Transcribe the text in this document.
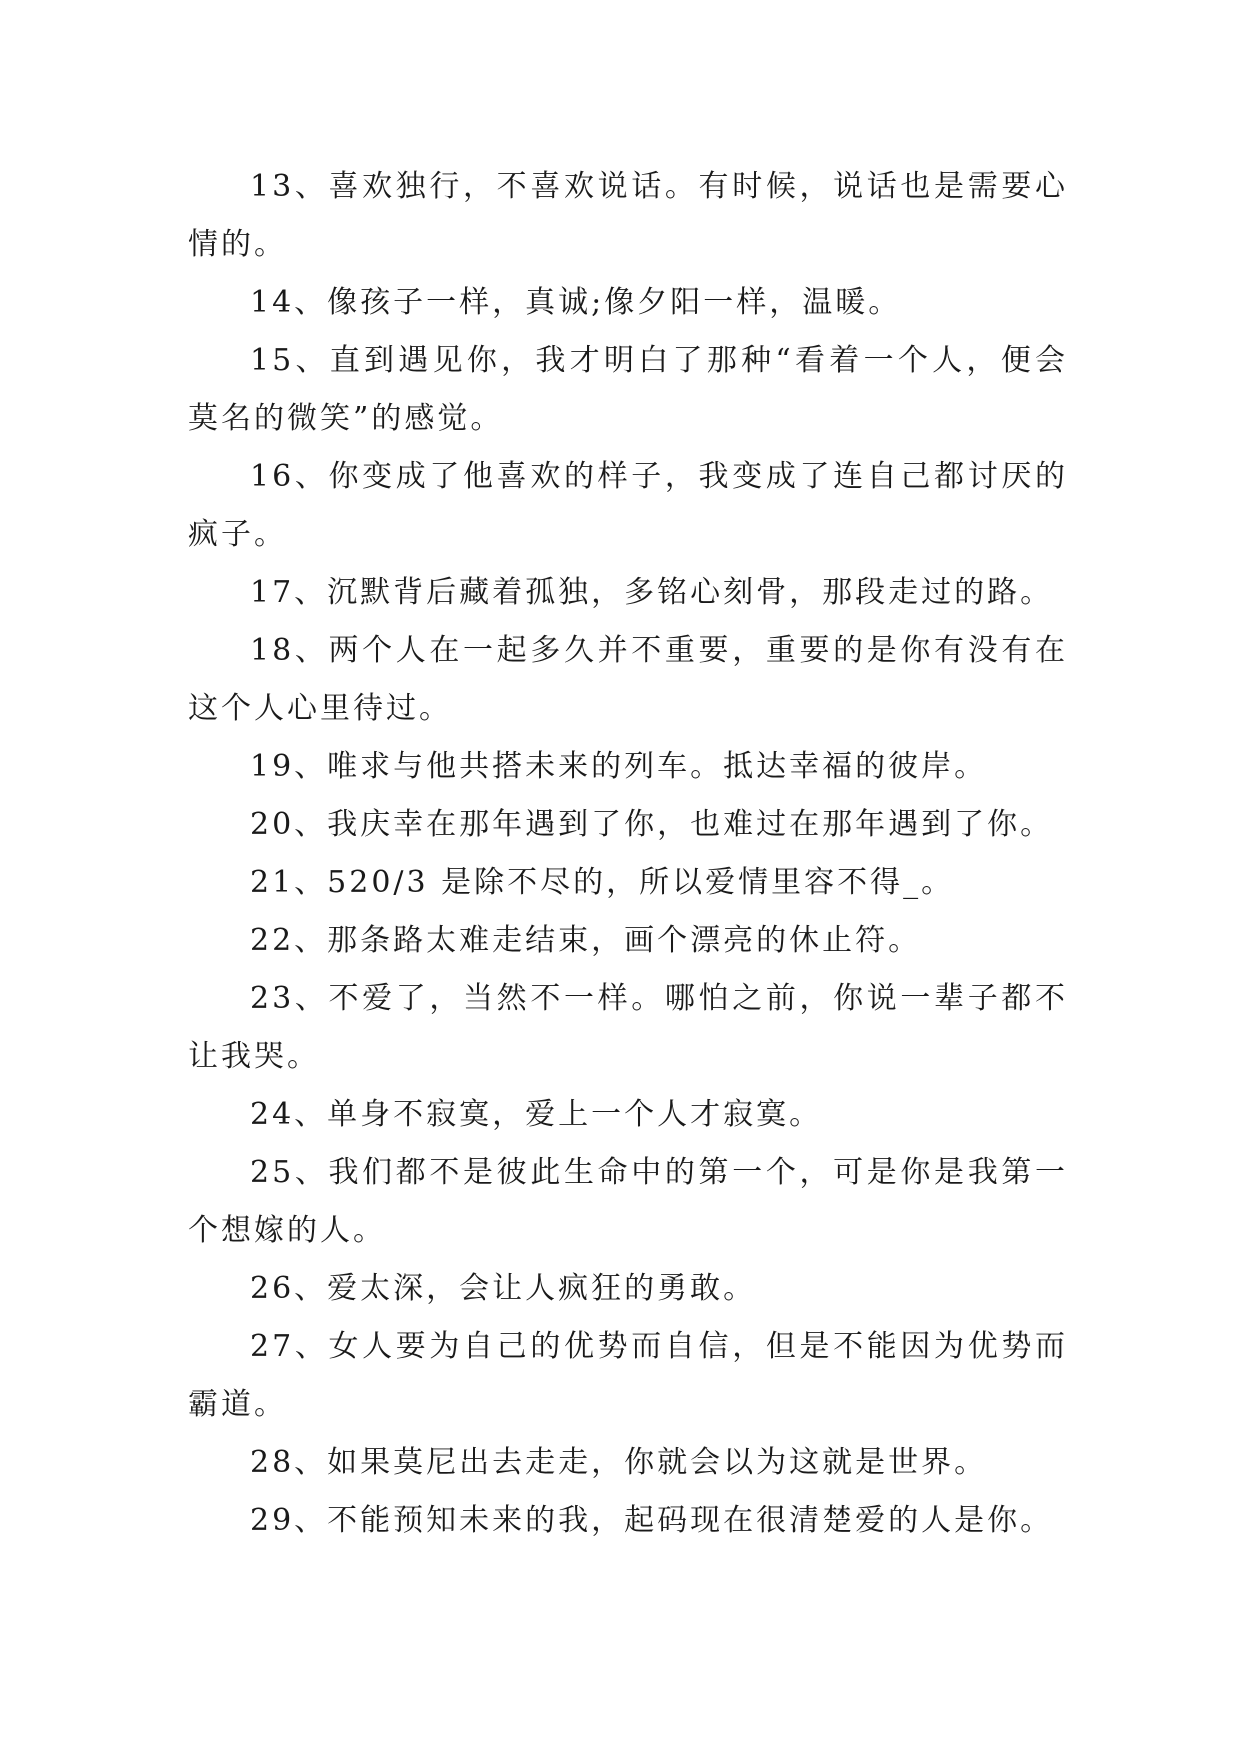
13、喜欢独行，不喜欢说话。有时候，说话也是需要心情的。

14、像孩子一样，真诚;像夕阳一样，温暖。

15、直到遇见你，我才明白了那种“看着一个人，便会莫名的微笑”的感觉。

16、你变成了他喜欢的样子，我变成了连自己都讨厌的疯子。

17、沉默背后藏着孤独，多铭心刻骨，那段走过的路。

18、两个人在一起多久并不重要，重要的是你有没有在这个人心里待过。

19、唯求与他共搭未来的列车。抵达幸福的彼岸。

20、我庆幸在那年遇到了你，也难过在那年遇到了你。

21、520/3 是除不尽的，所以爱情里容不得_。

22、那条路太难走结束，画个漂亮的休止符。

23、不爱了，当然不一样。哪怕之前，你说一辈子都不让我哭。

24、单身不寂寞，爱上一个人才寂寞。

25、我们都不是彼此生命中的第一个，可是你是我第一个想嫁的人。

26、爱太深，会让人疯狂的勇敢。

27、女人要为自己的优势而自信，但是不能因为优势而霸道。

28、如果莫尼出去走走，你就会以为这就是世界。

29、不能预知未来的我，起码现在很清楚爱的人是你。
